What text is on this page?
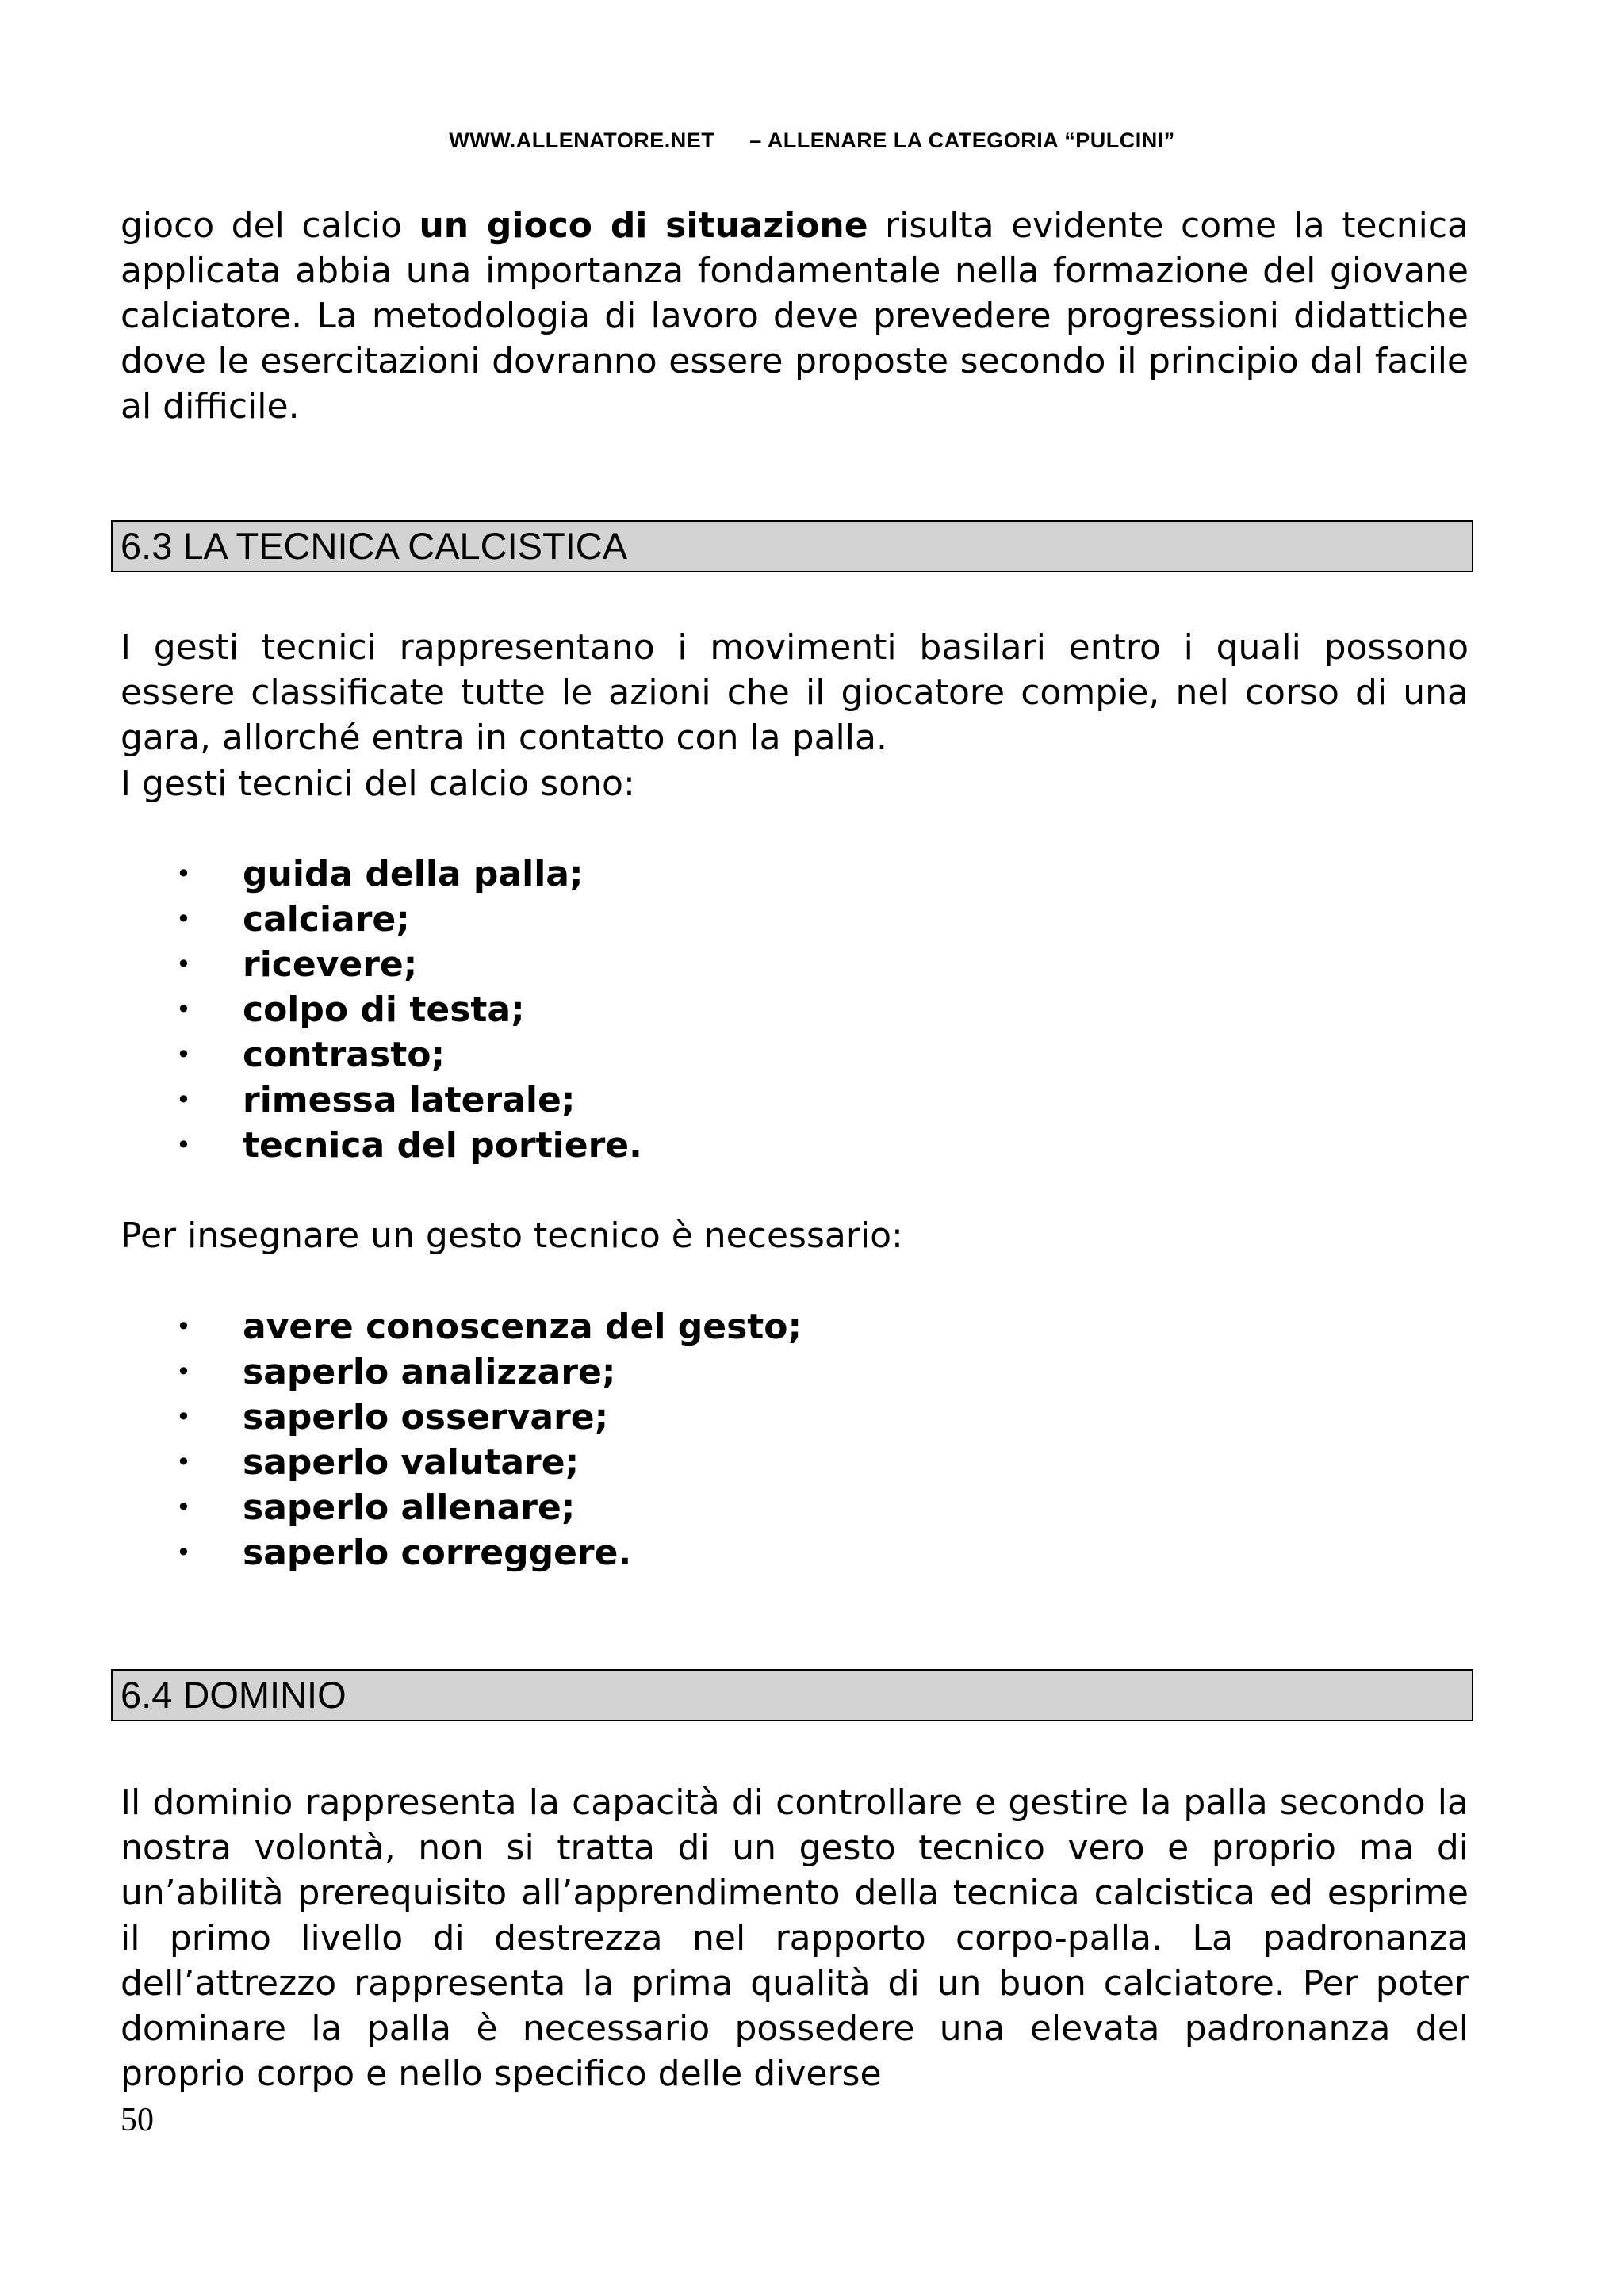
WWW.ALLENATORE.NET – ALLENARE LA CATEGORIA “PULCINI”
gioco del calcio un gioco di situazione risulta evidente come la tecnica applicata abbia una importanza fondamentale nella formazione del giovane calciatore. La metodologia di lavoro deve prevedere progressioni didattiche dove le esercitazioni dovranno essere proposte secondo il principio dal facile al difficile.
6.3 LA TECNICA CALCISTICA
I gesti tecnici rappresentano i movimenti basilari entro i quali possono essere classificate tutte le azioni che il giocatore compie, nel corso di una gara, allorché entra in contatto con la palla.
I gesti tecnici del calcio sono:
• guida della palla;
• calciare;
• ricevere;
• colpo di testa;
• contrasto;
• rimessa laterale;
• tecnica del portiere.
Per insegnare un gesto tecnico è necessario:
• avere conoscenza del gesto;
• saperlo analizzare;
• saperlo osservare;
• saperlo valutare;
• saperlo allenare;
• saperlo correggere.
6.4 DOMINIO
Il dominio rappresenta la capacità di controllare e gestire la palla secondo la nostra volontà, non si tratta di un gesto tecnico vero e proprio ma di un’abilità prerequisito all’apprendimento della tecnica calcistica ed esprime il primo livello di destrezza nel rapporto corpo-palla. La padronanza dell’attrezzo rappresenta la prima qualità di un buon calciatore. Per poter dominare la palla è necessario possedere una elevata padronanza del proprio corpo e nello specifico delle diverse
50
